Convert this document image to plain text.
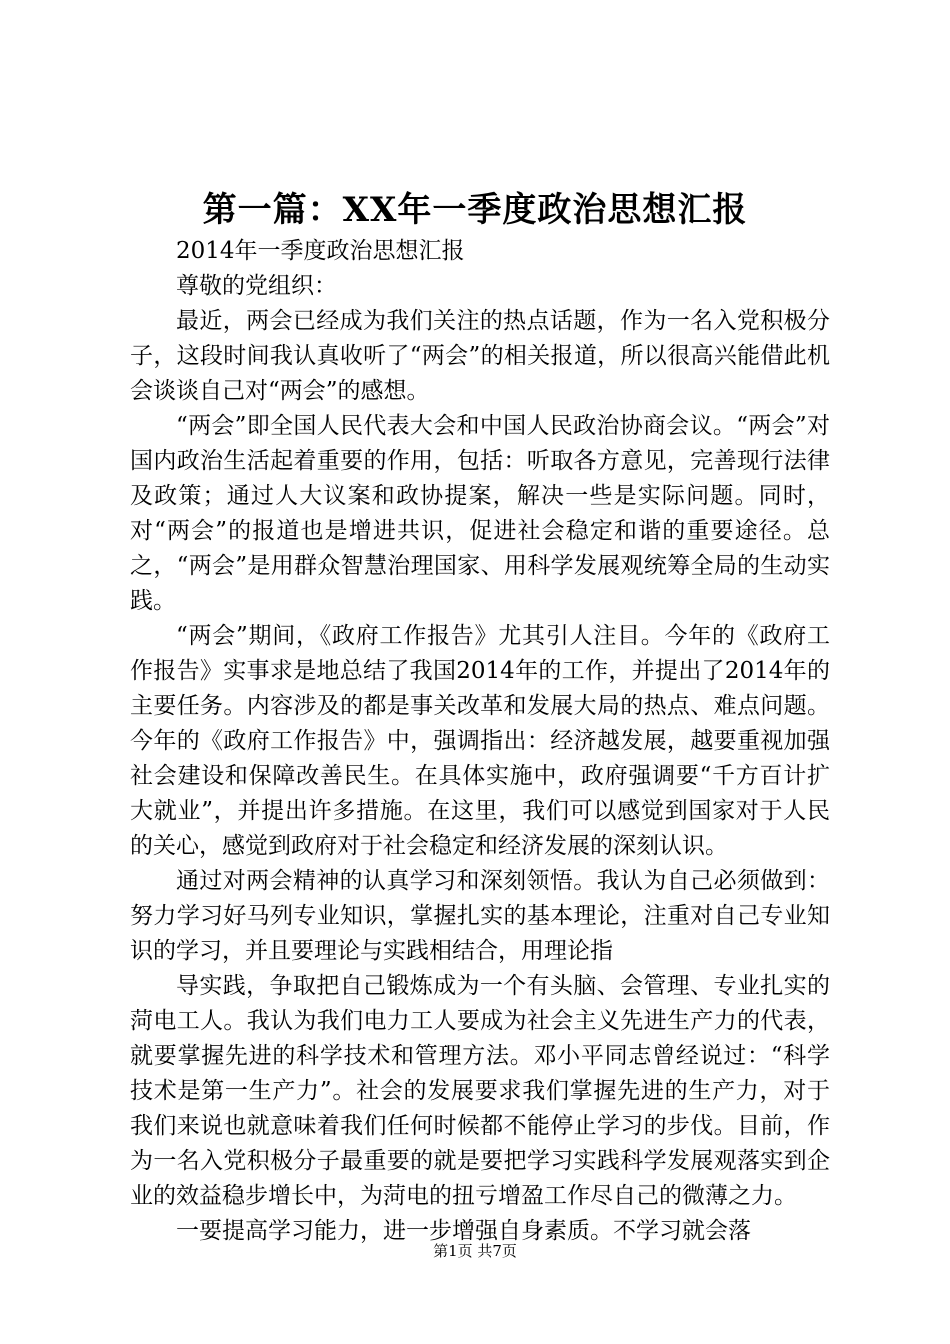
第一篇：XX年一季度政治思想汇报

2014年一季度政治思想汇报

尊敬的党组织：

最近，两会已经成为我们关注的热点话题，作为一名入党积极分子，这段时间我认真收听了“两会”的相关报道，所以很高兴能借此机会谈谈自己对“两会”的感想。

“两会”即全国人民代表大会和中国人民政治协商会议。“两会”对国内政治生活起着重要的作用，包括：听取各方意见，完善现行法律及政策；通过人大议案和政协提案，解决一些是实际问题。同时，对“两会”的报道也是增进共识，促进社会稳定和谐的重要途径。总之，“两会”是用群众智慧治理国家、用科学发展观统筹全局的生动实践。

“两会”期间，《政府工作报告》尤其引人注目。今年的《政府工作报告》实事求是地总结了我国2014年的工作，并提出了2014年的主要任务。内容涉及的都是事关改革和发展大局的热点、难点问题。今年的《政府工作报告》中，强调指出：经济越发展，越要重视加强社会建设和保障改善民生。在具体实施中，政府强调要“千方百计扩大就业”，并提出许多措施。在这里，我们可以感觉到国家对于人民的关心，感觉到政府对于社会稳定和经济发展的深刻认识。

通过对两会精神的认真学习和深刻领悟。我认为自己必须做到：努力学习好马列专业知识，掌握扎实的基本理论，注重对自己专业知识的学习，并且要理论与实践相结合，用理论指

导实践，争取把自己锻炼成为一个有头脑、会管理、专业扎实的菏电工人。我认为我们电力工人要成为社会主义先进生产力的代表，就要掌握先进的科学技术和管理方法。邓小平同志曾经说过：“科学技术是第一生产力”。社会的发展要求我们掌握先进的生产力，对于我们来说也就意味着我们任何时候都不能停止学习的步伐。目前，作为一名入党积极分子最重要的就是要把学习实践科学发展观落实到企业的效益稳步增长中，为菏电的扭亏增盈工作尽自己的微薄之力。

一要提高学习能力，进一步增强自身素质。不学习就会落

第1页 共7页
